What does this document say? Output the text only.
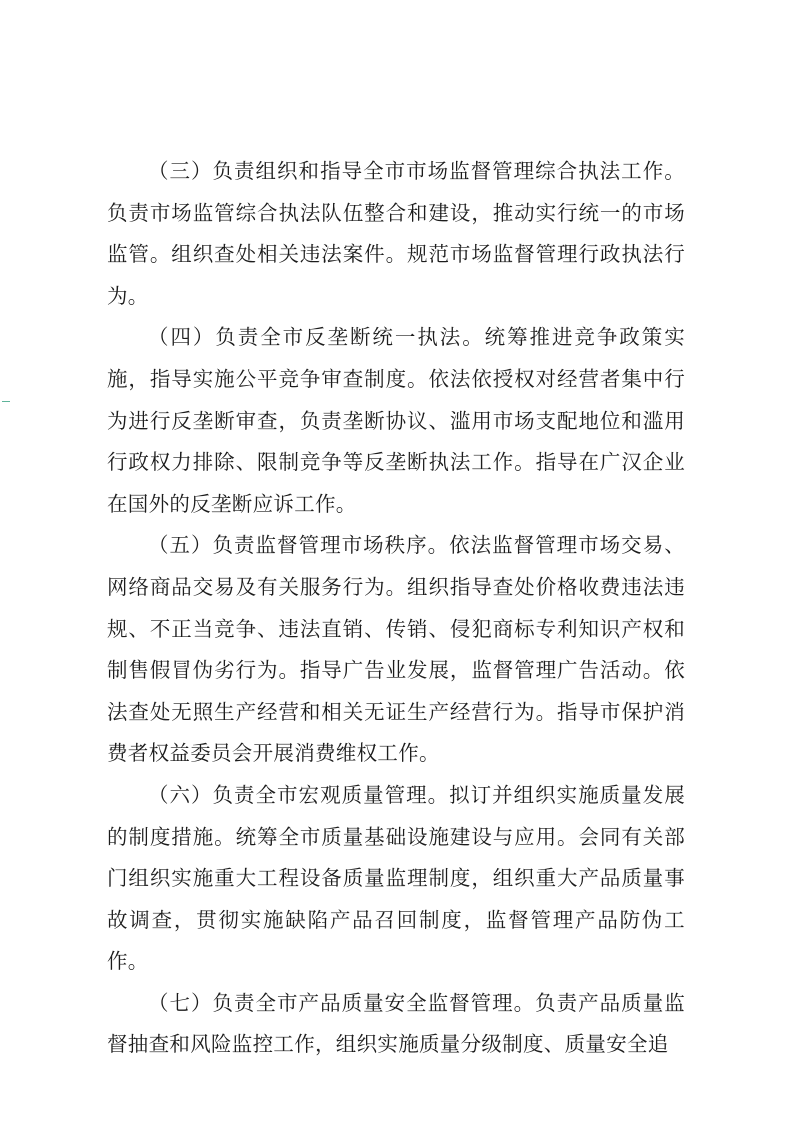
（三）负责组织和指导全市市场监督管理综合执法工作。负责市场监管综合执法队伍整合和建设，推动实行统一的市场监管。组织查处相关违法案件。规范市场监督管理行政执法行为。

（四）负责全市反垄断统一执法。统筹推进竞争政策实施，指导实施公平竞争审查制度。依法依授权对经营者集中行为进行反垄断审查，负责垄断协议、滥用市场支配地位和滥用行政权力排除、限制竞争等反垄断执法工作。指导在广汉企业在国外的反垄断应诉工作。

（五）负责监督管理市场秩序。依法监督管理市场交易、网络商品交易及有关服务行为。组织指导查处价格收费违法违规、不正当竞争、违法直销、传销、侵犯商标专利知识产权和制售假冒伪劣行为。指导广告业发展，监督管理广告活动。依法查处无照生产经营和相关无证生产经营行为。指导市保护消费者权益委员会开展消费维权工作。

（六）负责全市宏观质量管理。拟订并组织实施质量发展的制度措施。统筹全市质量基础设施建设与应用。会同有关部门组织实施重大工程设备质量监理制度，组织重大产品质量事故调查，贯彻实施缺陷产品召回制度，监督管理产品防伪工作。

（七）负责全市产品质量安全监督管理。负责产品质量监督抽查和风险监控工作，组织实施质量分级制度、质量安全追
